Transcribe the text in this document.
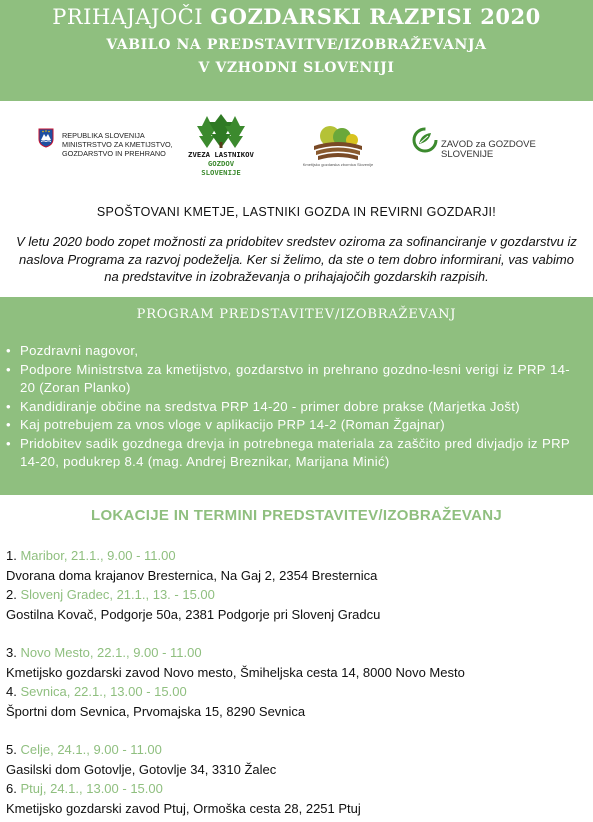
PRIHAJAJOČI GOZDARSKI RAZPISI 2020
VABILO NA PREDSTAVITVE/IZOBRAŽEVANJA
V VZHODNI SLOVENIJI
REPUBLIKA SLOVENIJA
MINISTRSTVO ZA KMETIJSTVO,
GOZDARSTVO IN PREHRANO	ZVEZA LASTNIKOV
GOZDOV SLOVENIJE
Kmetijsko gozdarska zbornica Slovenije
ZAVOD za GOZDOVE
SLOVENIJE
SPOŠTOVANI KMETJE, LASTNIKI GOZDA IN REVIRNI GOZDARJI!
V letu 2020 bodo zopet možnosti za pridobitev sredstev oziroma za sofinanciranje v gozdarstvu iz naslova Programa za razvoj podeželja. Ker si želimo, da ste o tem dobro informirani, vas vabimo na predstavitve in izobraževanja o prihajajočih gozdarskih razpisih.
PROGRAM PREDSTAVITEV/IZOBRAŽEVANJ
• Pozdravni nagovor,
• Podpore Ministrstva za kmetijstvo, gozdarstvo in prehrano gozdno-lesni verigi iz PRP 14-20 (Zoran Planko)
• Kandidiranje občine na sredstva PRP 14-20 - primer dobre prakse (Marjetka Jošt)
• Kaj potrebujem za vnos vloge v aplikacijo PRP 14-2 (Roman Žgajnar)
• Pridobitev sadik gozdnega drevja in potrebnega materiala za zaščito pred divjadjo iz PRP 14-20, podukrep 8.4 (mag. Andrej Breznikar, Marijana Minić)
LOKACIJE IN TERMINI PREDSTAVITEV/IZOBRAŽEVANJ
1. Maribor, 21.1., 9.00 - 11.00
Dvorana doma krajanov Bresternica, Na Gaj 2, 2354 Bresternica
2. Slovenj Gradec, 21.1., 13. - 15.00
Gostilna Kovač, Podgorje 50a, 2381 Podgorje pri Slovenj Gradcu
3. Novo Mesto, 22.1., 9.00 - 11.00
Kmetijsko gozdarski zavod Novo mesto, Šmiheljska cesta 14, 8000 Novo Mesto
4. Sevnica, 22.1., 13.00 - 15.00
Športni dom Sevnica, Prvomajska 15, 8290 Sevnica
5. Celje, 24.1., 9.00 - 11.00
Gasilski dom Gotovlje, Gotovlje 34, 3310 Žalec
6. Ptuj, 24.1., 13.00 - 15.00
Kmetijsko gozdarski zavod Ptuj, Ormoška cesta 28, 2251 Ptuj
